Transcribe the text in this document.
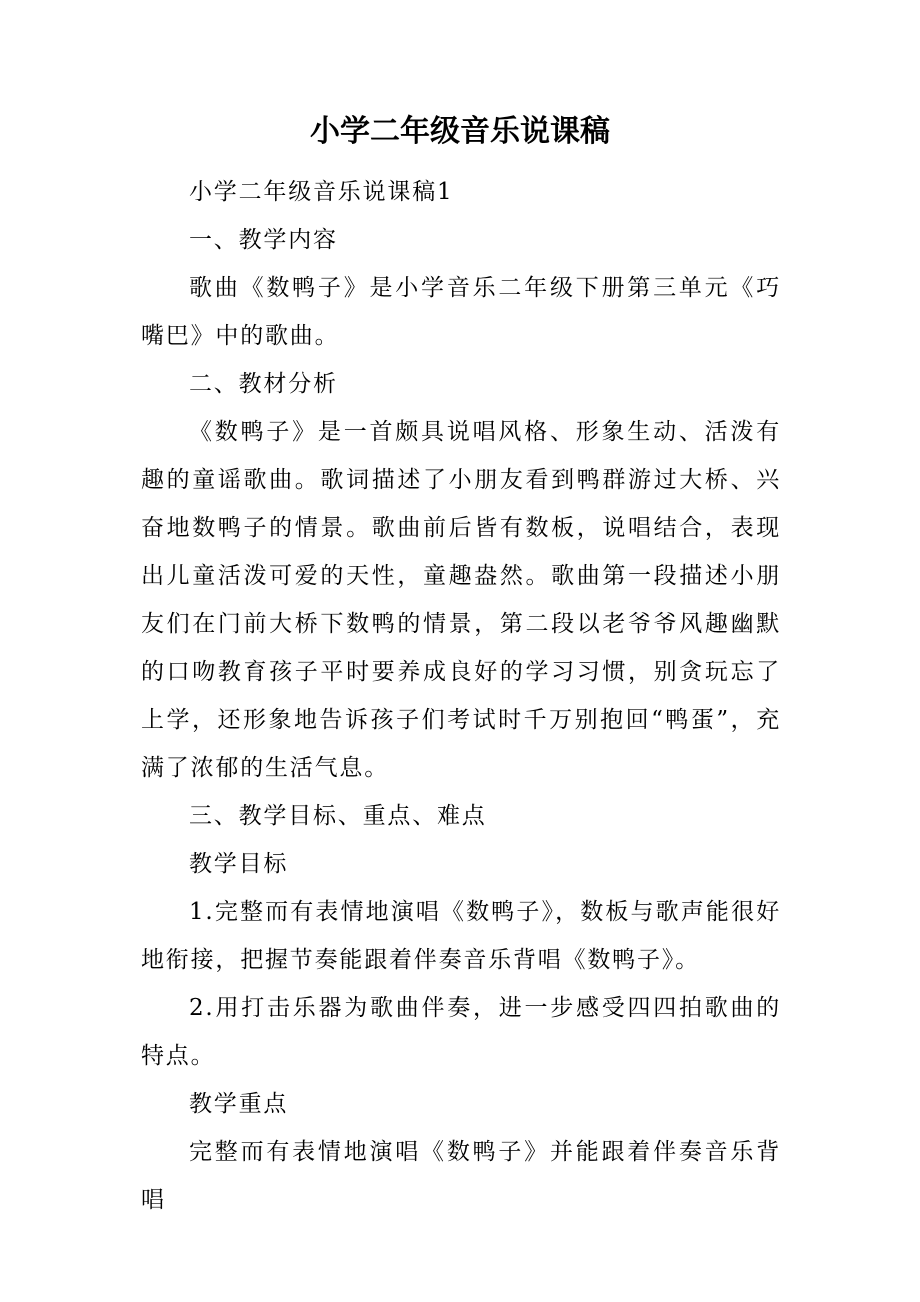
小学二年级音乐说课稿

小学二年级音乐说课稿1

一、教学内容

歌曲《数鸭子》是小学音乐二年级下册第三单元《巧嘴巴》中的歌曲。

二、教材分析

《数鸭子》是一首颇具说唱风格、形象生动、活泼有趣的童谣歌曲。歌词描述了小朋友看到鸭群游过大桥、兴奋地数鸭子的情景。歌曲前后皆有数板，说唱结合，表现出儿童活泼可爱的天性，童趣盎然。歌曲第一段描述小朋友们在门前大桥下数鸭的情景，第二段以老爷爷风趣幽默的口吻教育孩子平时要养成良好的学习习惯，别贪玩忘了上学，还形象地告诉孩子们考试时千万别抱回“鸭蛋”，充满了浓郁的生活气息。

三、教学目标、重点、难点

教学目标

1.完整而有表情地演唱《数鸭子》，数板与歌声能很好地衔接，把握节奏能跟着伴奏音乐背唱《数鸭子》。

2.用打击乐器为歌曲伴奏，进一步感受四四拍歌曲的特点。

教学重点

完整而有表情地演唱《数鸭子》并能跟着伴奏音乐背唱
